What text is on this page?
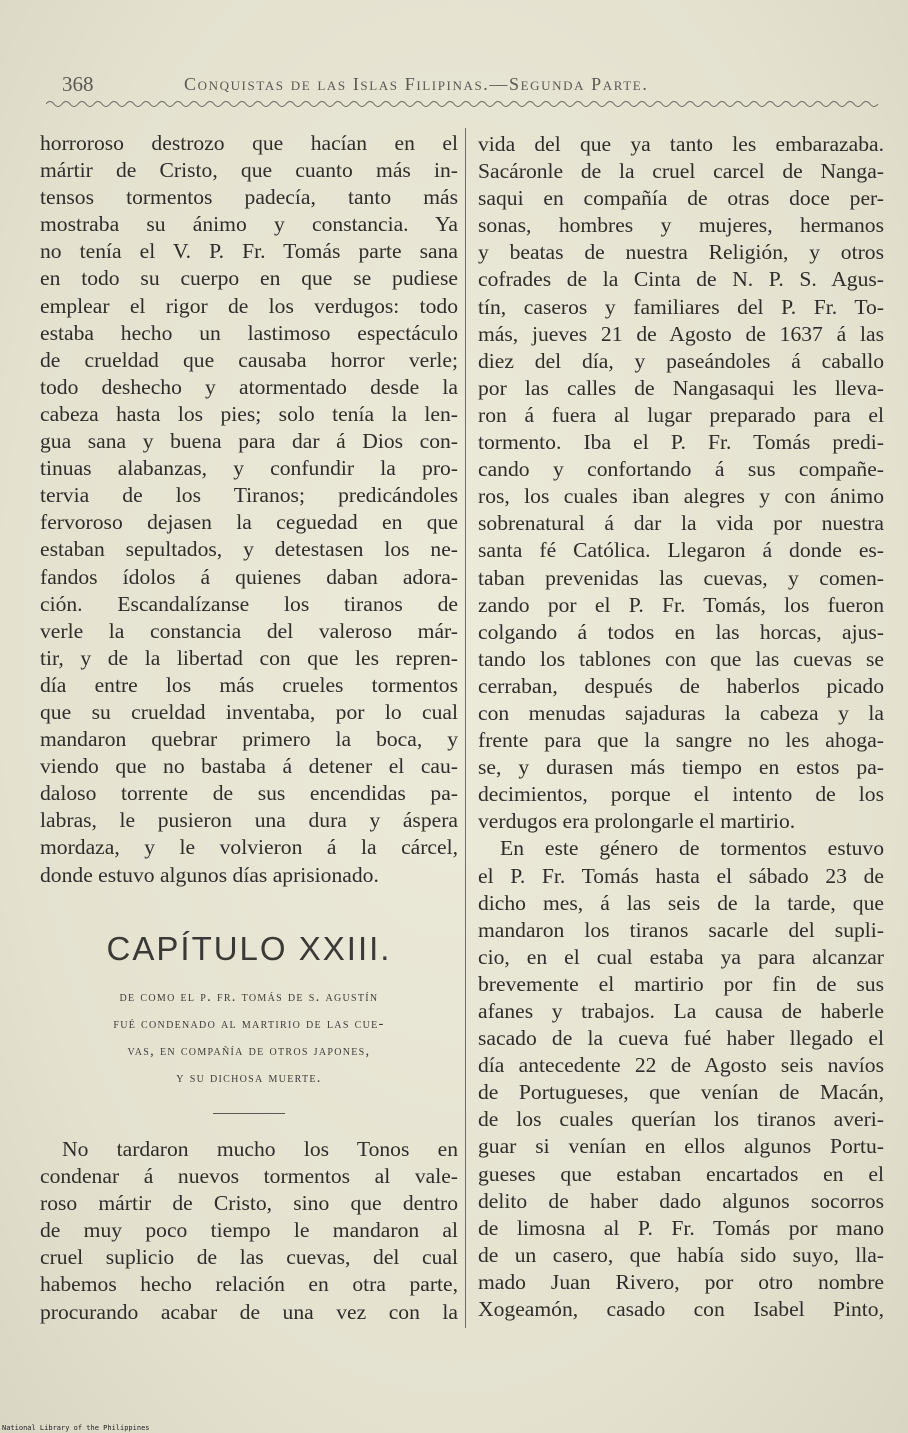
368	Conquistas de las Islas Filipinas.—Segunda Parte.
horroroso destrozo que hacían en el
mártir de Cristo, que cuanto más in-
tensos tormentos padecía, tanto más
mostraba su ánimo y constancia. Ya
no tenía el V. P. Fr. Tomás parte sana
en todo su cuerpo en que se pudiese
emplear el rigor de los verdugos: todo
estaba hecho un lastimoso espectáculo
de crueldad que causaba horror verle;
todo deshecho y atormentado desde la
cabeza hasta los pies; solo tenía la len-
gua sana y buena para dar á Dios con-
tinuas alabanzas, y confundir la pro-
tervia de los Tiranos; predicándoles
fervoroso dejasen la ceguedad en que
estaban sepultados, y detestasen los ne-
fandos ídolos á quienes daban adora-
ción. Escandalízanse los tiranos de
verle la constancia del valeroso már-
tir, y de la libertad con que les repren-
día entre los más crueles tormentos
que su crueldad inventaba, por lo cual
mandaron quebrar primero la boca, y
viendo que no bastaba á detener el cau-
daloso torrente de sus encendidas pa-
labras, le pusieron una dura y áspera
mordaza, y le volvieron á la cárcel,
donde estuvo algunos días aprisionado.
CAPÍTULO XXIII.
de como el p. fr. tomás de s. agustín
fué condenado al martirio de las cue-
vas, en compañía de otros japones,
y su dichosa muerte.
No tardaron mucho los Tonos en
condenar á nuevos tormentos al vale-
roso mártir de Cristo, sino que dentro
de muy poco tiempo le mandaron al
cruel suplicio de las cuevas, del cual
habemos hecho relación en otra parte,
procurando acabar de una vez con la
vida del que ya tanto les embarazaba.
Sacáronle de la cruel carcel de Nanga-
saqui en compañía de otras doce per-
sonas, hombres y mujeres, hermanos
y beatas de nuestra Religión, y otros
cofrades de la Cinta de N. P. S. Agus-
tín, caseros y familiares del P. Fr. To-
más, jueves 21 de Agosto de 1637 á las
diez del día, y paseándoles á caballo
por las calles de Nangasaqui les lleva-
ron á fuera al lugar preparado para el
tormento. Iba el P. Fr. Tomás predi-
cando y confortando á sus compañe-
ros, los cuales iban alegres y con ánimo
sobrenatural á dar la vida por nuestra
santa fé Católica. Llegaron á donde es-
taban prevenidas las cuevas, y comen-
zando por el P. Fr. Tomás, los fueron
colgando á todos en las horcas, ajus-
tando los tablones con que las cuevas se
cerraban, después de haberlos picado
con menudas sajaduras la cabeza y la
frente para que la sangre no les ahoga-
se, y durasen más tiempo en estos pa-
decimientos, porque el intento de los
verdugos era prolongarle el martirio.
En este género de tormentos estuvo
el P. Fr. Tomás hasta el sábado 23 de
dicho mes, á las seis de la tarde, que
mandaron los tiranos sacarle del supli-
cio, en el cual estaba ya para alcanzar
brevemente el martirio por fin de sus
afanes y trabajos. La causa de haberle
sacado de la cueva fué haber llegado el
día antecedente 22 de Agosto seis navíos
de Portugueses, que venían de Macán,
de los cuales querían los tiranos averi-
guar si venían en ellos algunos Portu-
gueses que estaban encartados en el
delito de haber dado algunos socorros
de limosna al P. Fr. Tomás por mano
de un casero, que había sido suyo, lla-
mado Juan Rivero, por otro nombre
Xogeamón, casado con Isabel Pinto,
National Library of the Philippines
